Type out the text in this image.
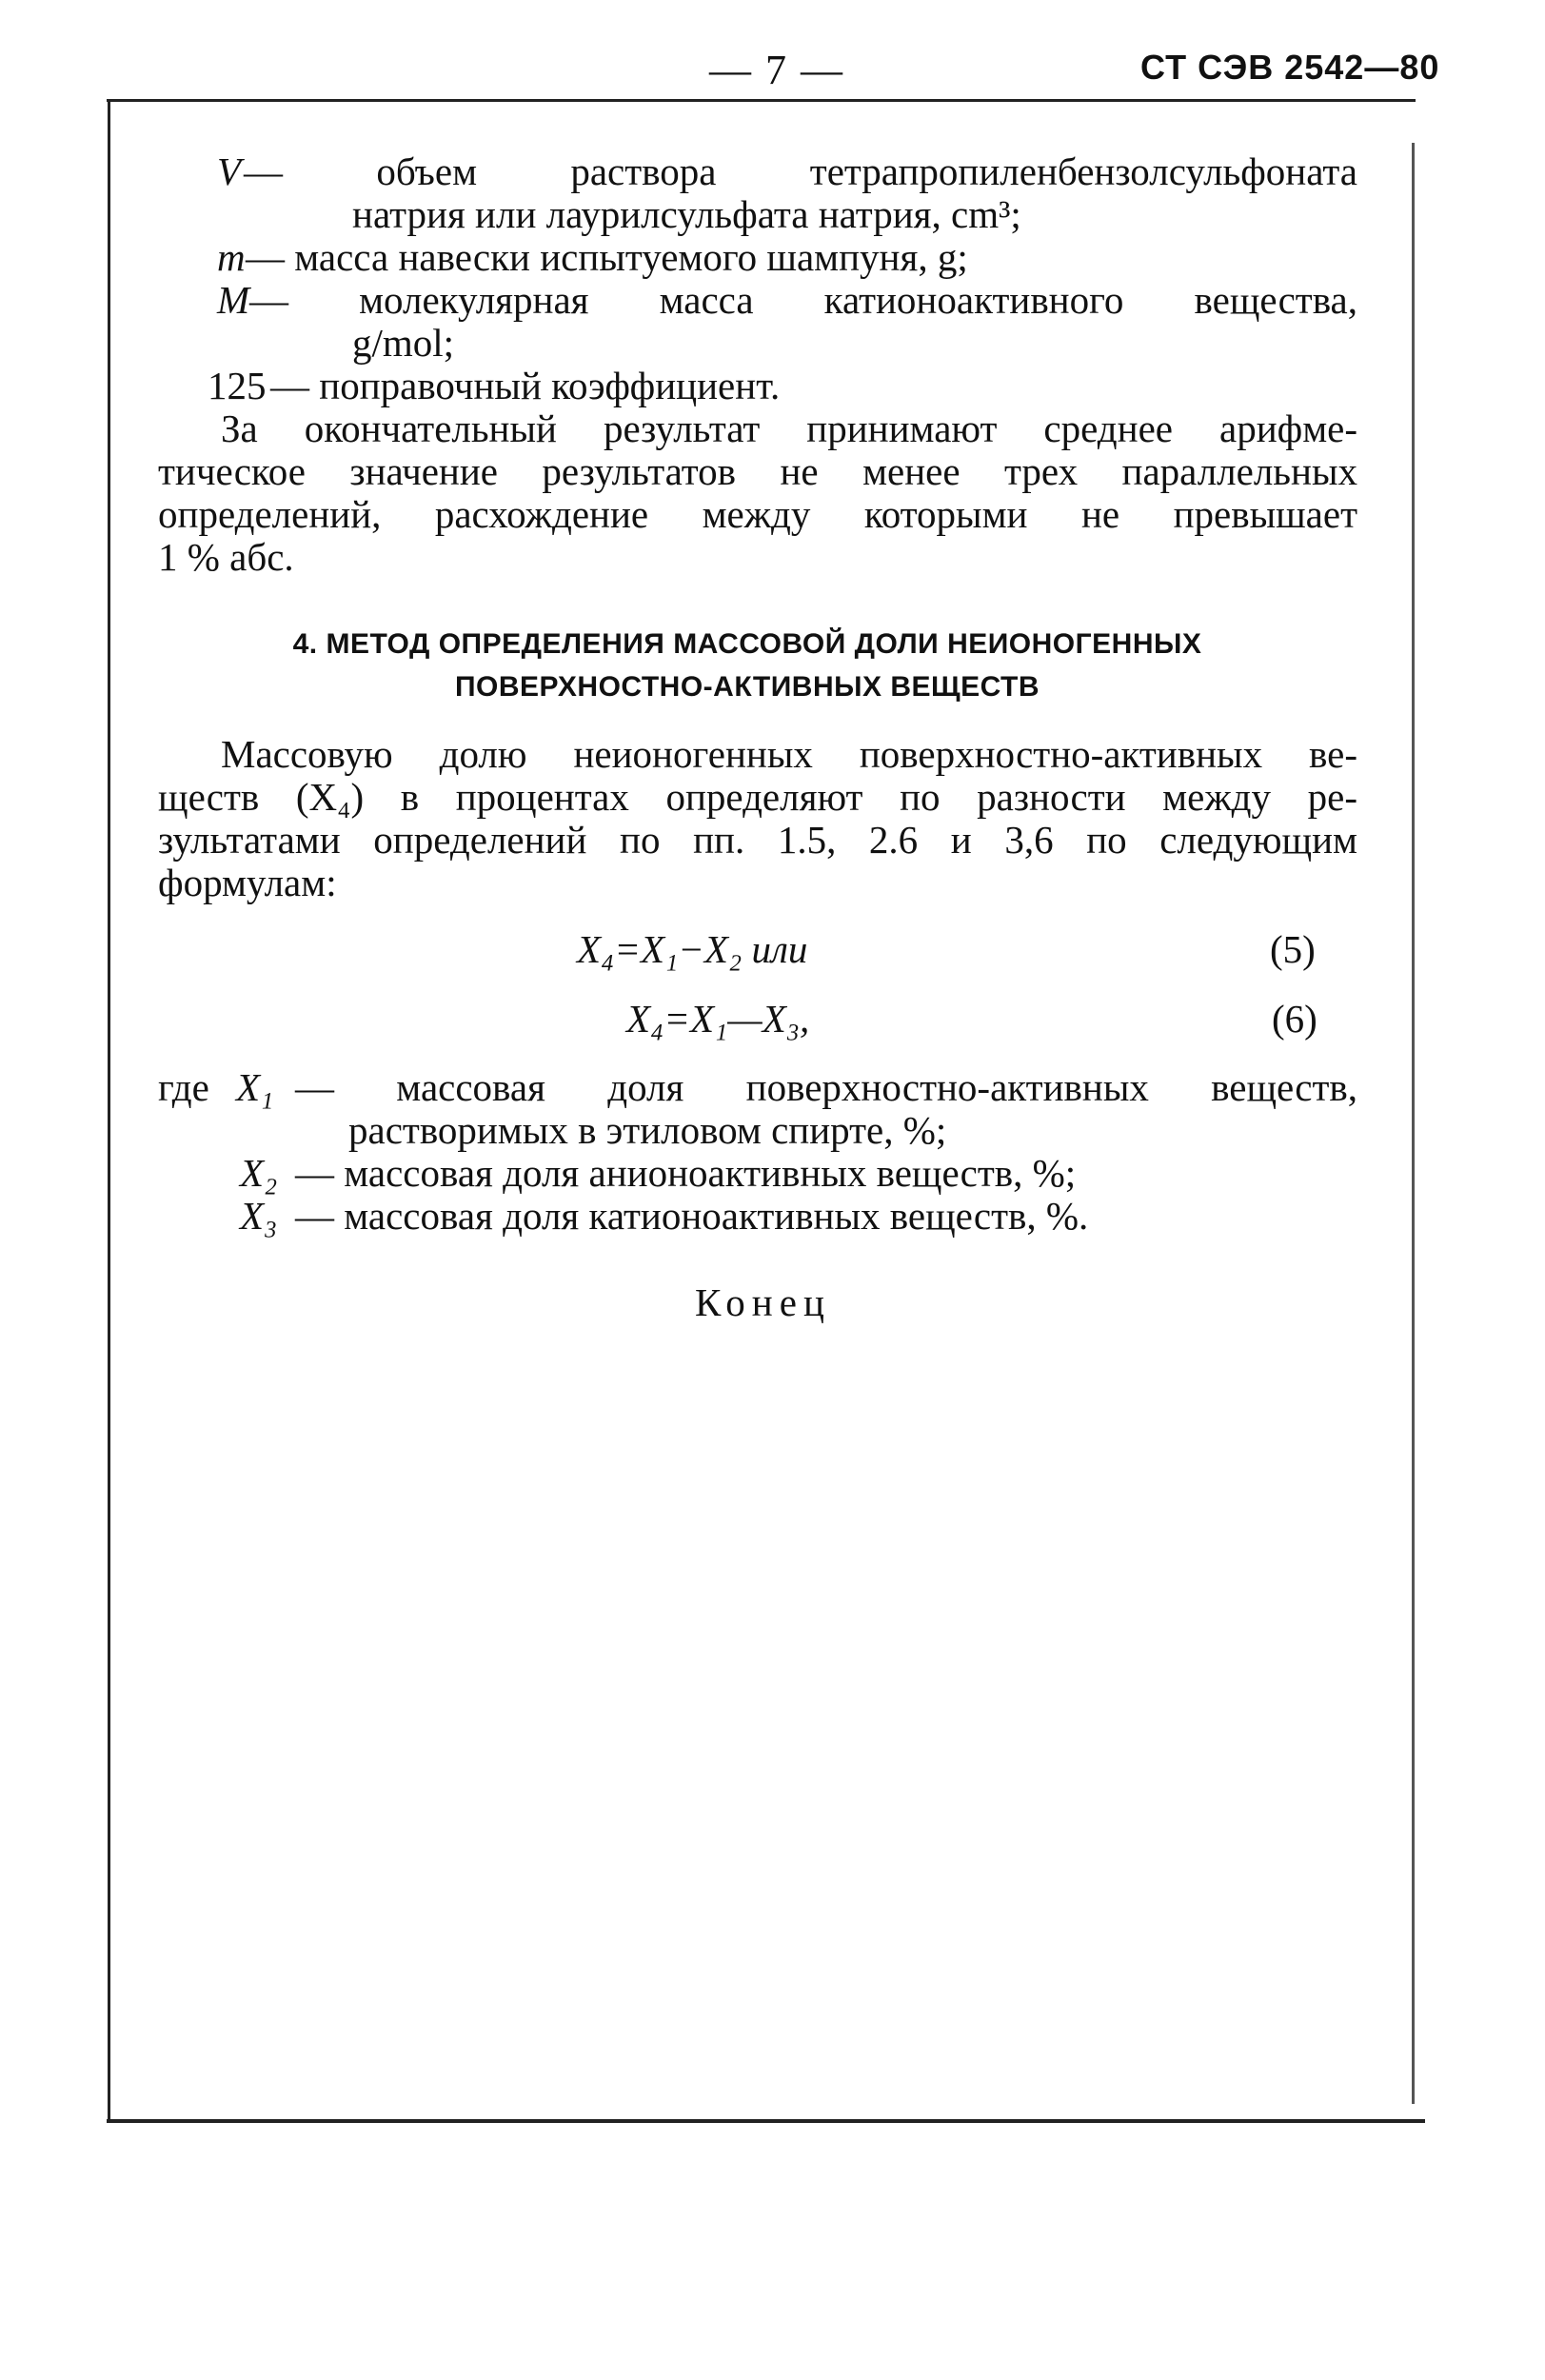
— 7 —	СТ СЭВ 2542—80
V — объем раствора тетрапропиленбензолсульфоната
натрия или лаурилсульфата натрия, cm³;
m — масса навески испытуемого шампуня, g;
M — молекулярная масса катионоактивного вещества,
g/mol;
125 — поправочный коэффициент.
За окончательный результат принимают среднее арифме-
тическое значение результатов не менее трех параллельных
определений, расхождение между которыми не превышает
1 % абс.
4. МЕТОД ОПРЕДЕЛЕНИЯ МАССОВОЙ ДОЛИ НЕИОНОГЕННЫХ
ПОВЕРХНОСТНО-АКТИВНЫХ ВЕЩЕСТВ
Массовую долю неионогенных поверхностно-активных ве-
ществ (X₄) в процентах определяют по разности между ре-
зультатами определений по пп. 1.5, 2.6 и 3,6 по следующим
формулам:
X₄=X₁−X₂ или	(5)
X₄=X₁—X₃,	(6)
где X₁ — массовая доля поверхностно-активных веществ,
растворимых в этиловом спирте, %;
X₂ — массовая доля анионоактивных веществ, %;
X₃ — массовая доля катионоактивных веществ, %.
Конец
